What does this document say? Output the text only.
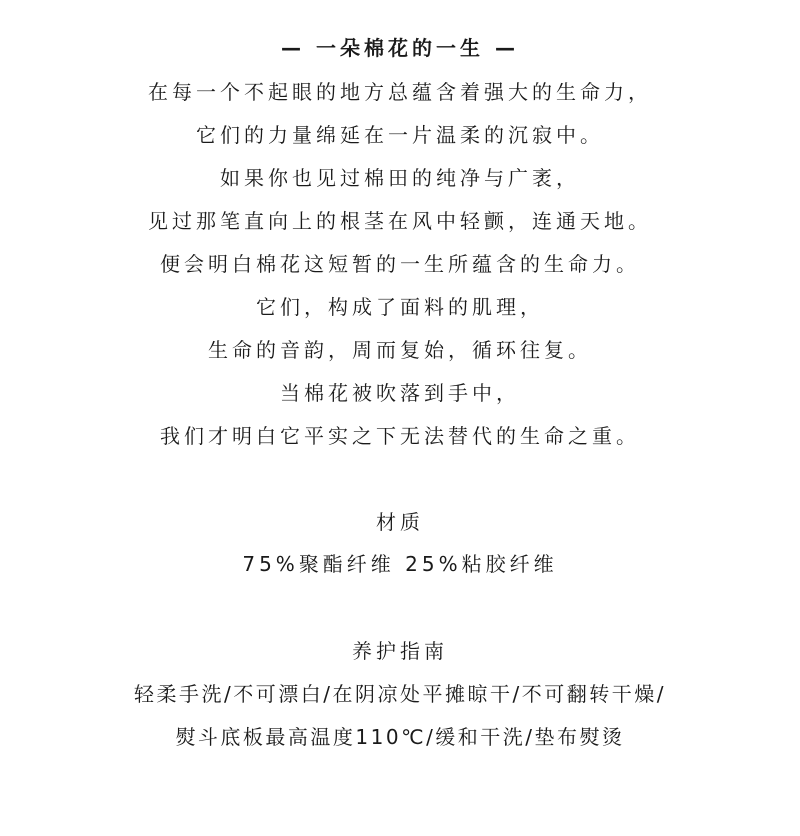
— 一朵棉花的一生 —
在每一个不起眼的地方总蕴含着强大的生命力，
它们的力量绵延在一片温柔的沉寂中。
如果你也见过棉田的纯净与广袤，
见过那笔直向上的根茎在风中轻颤，连通天地。
便会明白棉花这短暂的一生所蕴含的生命力。
它们，构成了面料的肌理，
生命的音韵，周而复始，循环往复。
当棉花被吹落到手中，
我们才明白它平实之下无法替代的生命之重。
材质
75%聚酯纤维 25%粘胶纤维
养护指南
轻柔手洗/不可漂白/在阴凉处平摊晾干/不可翻转干燥/
熨斗底板最高温度110℃/缓和干洗/垫布熨烫
